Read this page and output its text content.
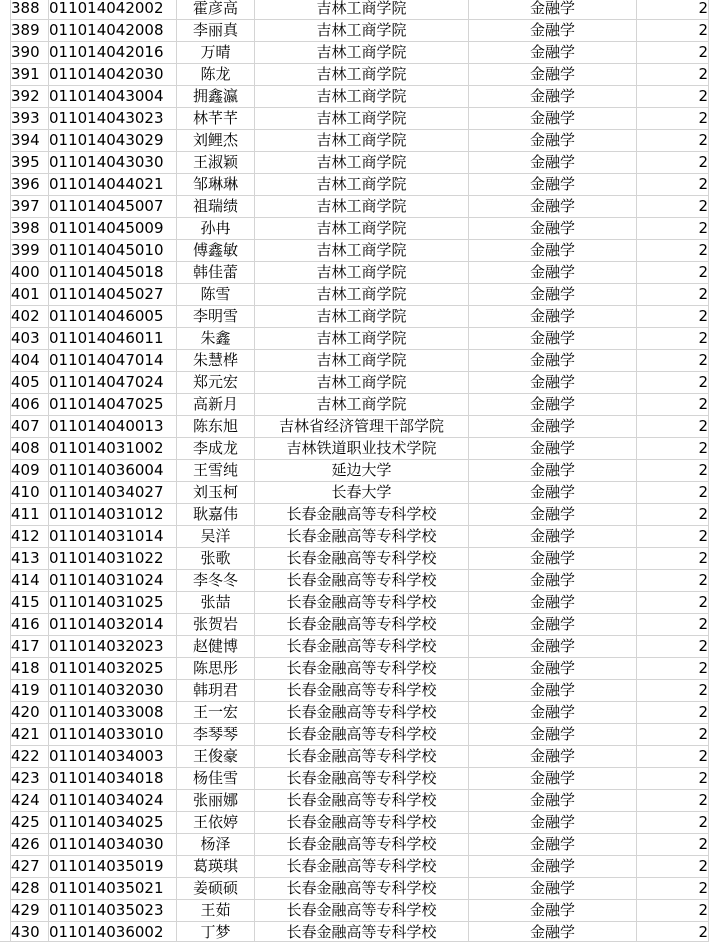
388	011014042002	霍彦高	吉林工商学院	金融学	2
389	011014042008	李丽真	吉林工商学院	金融学	2
390	011014042016	万晴	吉林工商学院	金融学	2
391	011014042030	陈龙	吉林工商学院	金融学	2
392	011014043004	拥鑫瀛	吉林工商学院	金融学	2
393	011014043023	林芊芊	吉林工商学院	金融学	2
394	011014043029	刘鲤杰	吉林工商学院	金融学	2
395	011014043030	王淑颖	吉林工商学院	金融学	2
396	011014044021	邹琳琳	吉林工商学院	金融学	2
397	011014045007	祖瑞绩	吉林工商学院	金融学	2
398	011014045009	孙冉	吉林工商学院	金融学	2
399	011014045010	傅鑫敏	吉林工商学院	金融学	2
400	011014045018	韩佳蕾	吉林工商学院	金融学	2
401	011014045027	陈雪	吉林工商学院	金融学	2
402	011014046005	李明雪	吉林工商学院	金融学	2
403	011014046011	朱鑫	吉林工商学院	金融学	2
404	011014047014	朱慧桦	吉林工商学院	金融学	2
405	011014047024	郑元宏	吉林工商学院	金融学	2
406	011014047025	高新月	吉林工商学院	金融学	2
407	011014040013	陈东旭	吉林省经济管理干部学院	金融学	2
408	011014031002	李成龙	吉林铁道职业技术学院	金融学	2
409	011014036004	王雪纯	延边大学	金融学	2
410	011014034027	刘玉柯	长春大学	金融学	2
411	011014031012	耿嘉伟	长春金融高等专科学校	金融学	2
412	011014031014	吴洋	长春金融高等专科学校	金融学	2
413	011014031022	张歌	长春金融高等专科学校	金融学	2
414	011014031024	李冬冬	长春金融高等专科学校	金融学	2
415	011014031025	张喆	长春金融高等专科学校	金融学	2
416	011014032014	张贺岩	长春金融高等专科学校	金融学	2
417	011014032023	赵健博	长春金融高等专科学校	金融学	2
418	011014032025	陈思彤	长春金融高等专科学校	金融学	2
419	011014032030	韩玥君	长春金融高等专科学校	金融学	2
420	011014033008	王一宏	长春金融高等专科学校	金融学	2
421	011014033010	李琴琴	长春金融高等专科学校	金融学	2
422	011014034003	王俊豪	长春金融高等专科学校	金融学	2
423	011014034018	杨佳雪	长春金融高等专科学校	金融学	2
424	011014034024	张丽娜	长春金融高等专科学校	金融学	2
425	011014034025	王依婷	长春金融高等专科学校	金融学	2
426	011014034030	杨泽	长春金融高等专科学校	金融学	2
427	011014035019	葛瑛琪	长春金融高等专科学校	金融学	2
428	011014035021	姜硕硕	长春金融高等专科学校	金融学	2
429	011014035023	王茹	长春金融高等专科学校	金融学	2
430	011014036002	丁梦	长春金融高等专科学校	金融学	2
